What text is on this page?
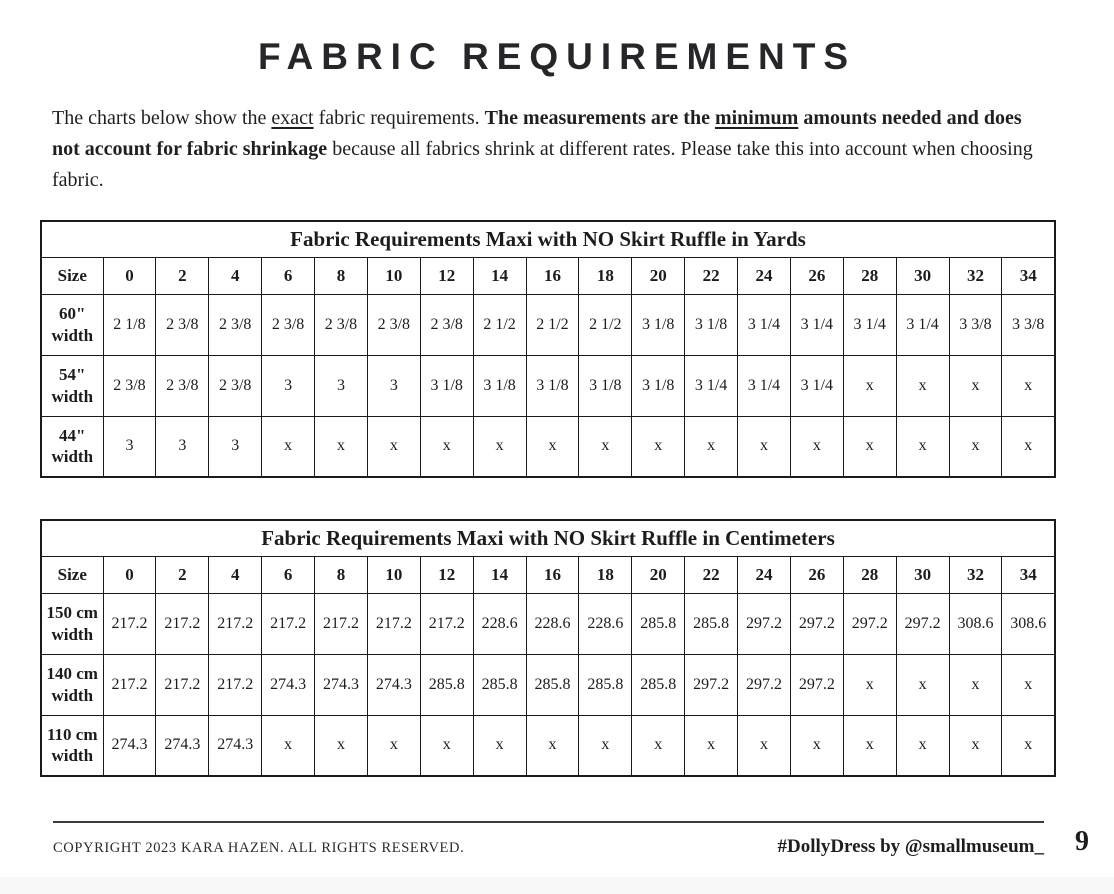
FABRIC REQUIREMENTS

The charts below show the exact fabric requirements. The measurements are the minimum amounts needed and does not account for fabric shrinkage because all fabrics shrink at different rates. Please take this into account when choosing fabric.

Fabric Requirements Maxi with NO Skirt Ruffle in Yards																		
Size	0	2	4	6	8	10	12	14	16	18	20	22	24	26	28	30	32	34
60" width	2 1/8	2 3/8	2 3/8	2 3/8	2 3/8	2 3/8	2 3/8	2 1/2	2 1/2	2 1/2	3 1/8	3 1/8	3 1/4	3 1/4	3 1/4	3 1/4	3 3/8	3 3/8
54" width	2 3/8	2 3/8	2 3/8	3	3	3	3 1/8	3 1/8	3 1/8	3 1/8	3 1/8	3 1/4	3 1/4	3 1/4	x	x	x	x
44" width	3	3	3	x	x	x	x	x	x	x	x	x	x	x	x	x	x	x
Fabric Requirements Maxi with NO Skirt Ruffle in Centimeters																		
Size	0	2	4	6	8	10	12	14	16	18	20	22	24	26	28	30	32	34
150 cm width	217.2	217.2	217.2	217.2	217.2	217.2	217.2	228.6	228.6	228.6	285.8	285.8	297.2	297.2	297.2	297.2	308.6	308.6
140 cm width	217.2	217.2	217.2	274.3	274.3	274.3	285.8	285.8	285.8	285.8	285.8	297.2	297.2	297.2	x	x	x	x
110 cm width	274.3	274.3	274.3	x	x	x	x	x	x	x	x	x	x	x	x	x	x	x
COPYRIGHT 2023 KARA HAZEN. ALL RIGHTS RESERVED.	#DollyDress by @smallmuseum_	9
